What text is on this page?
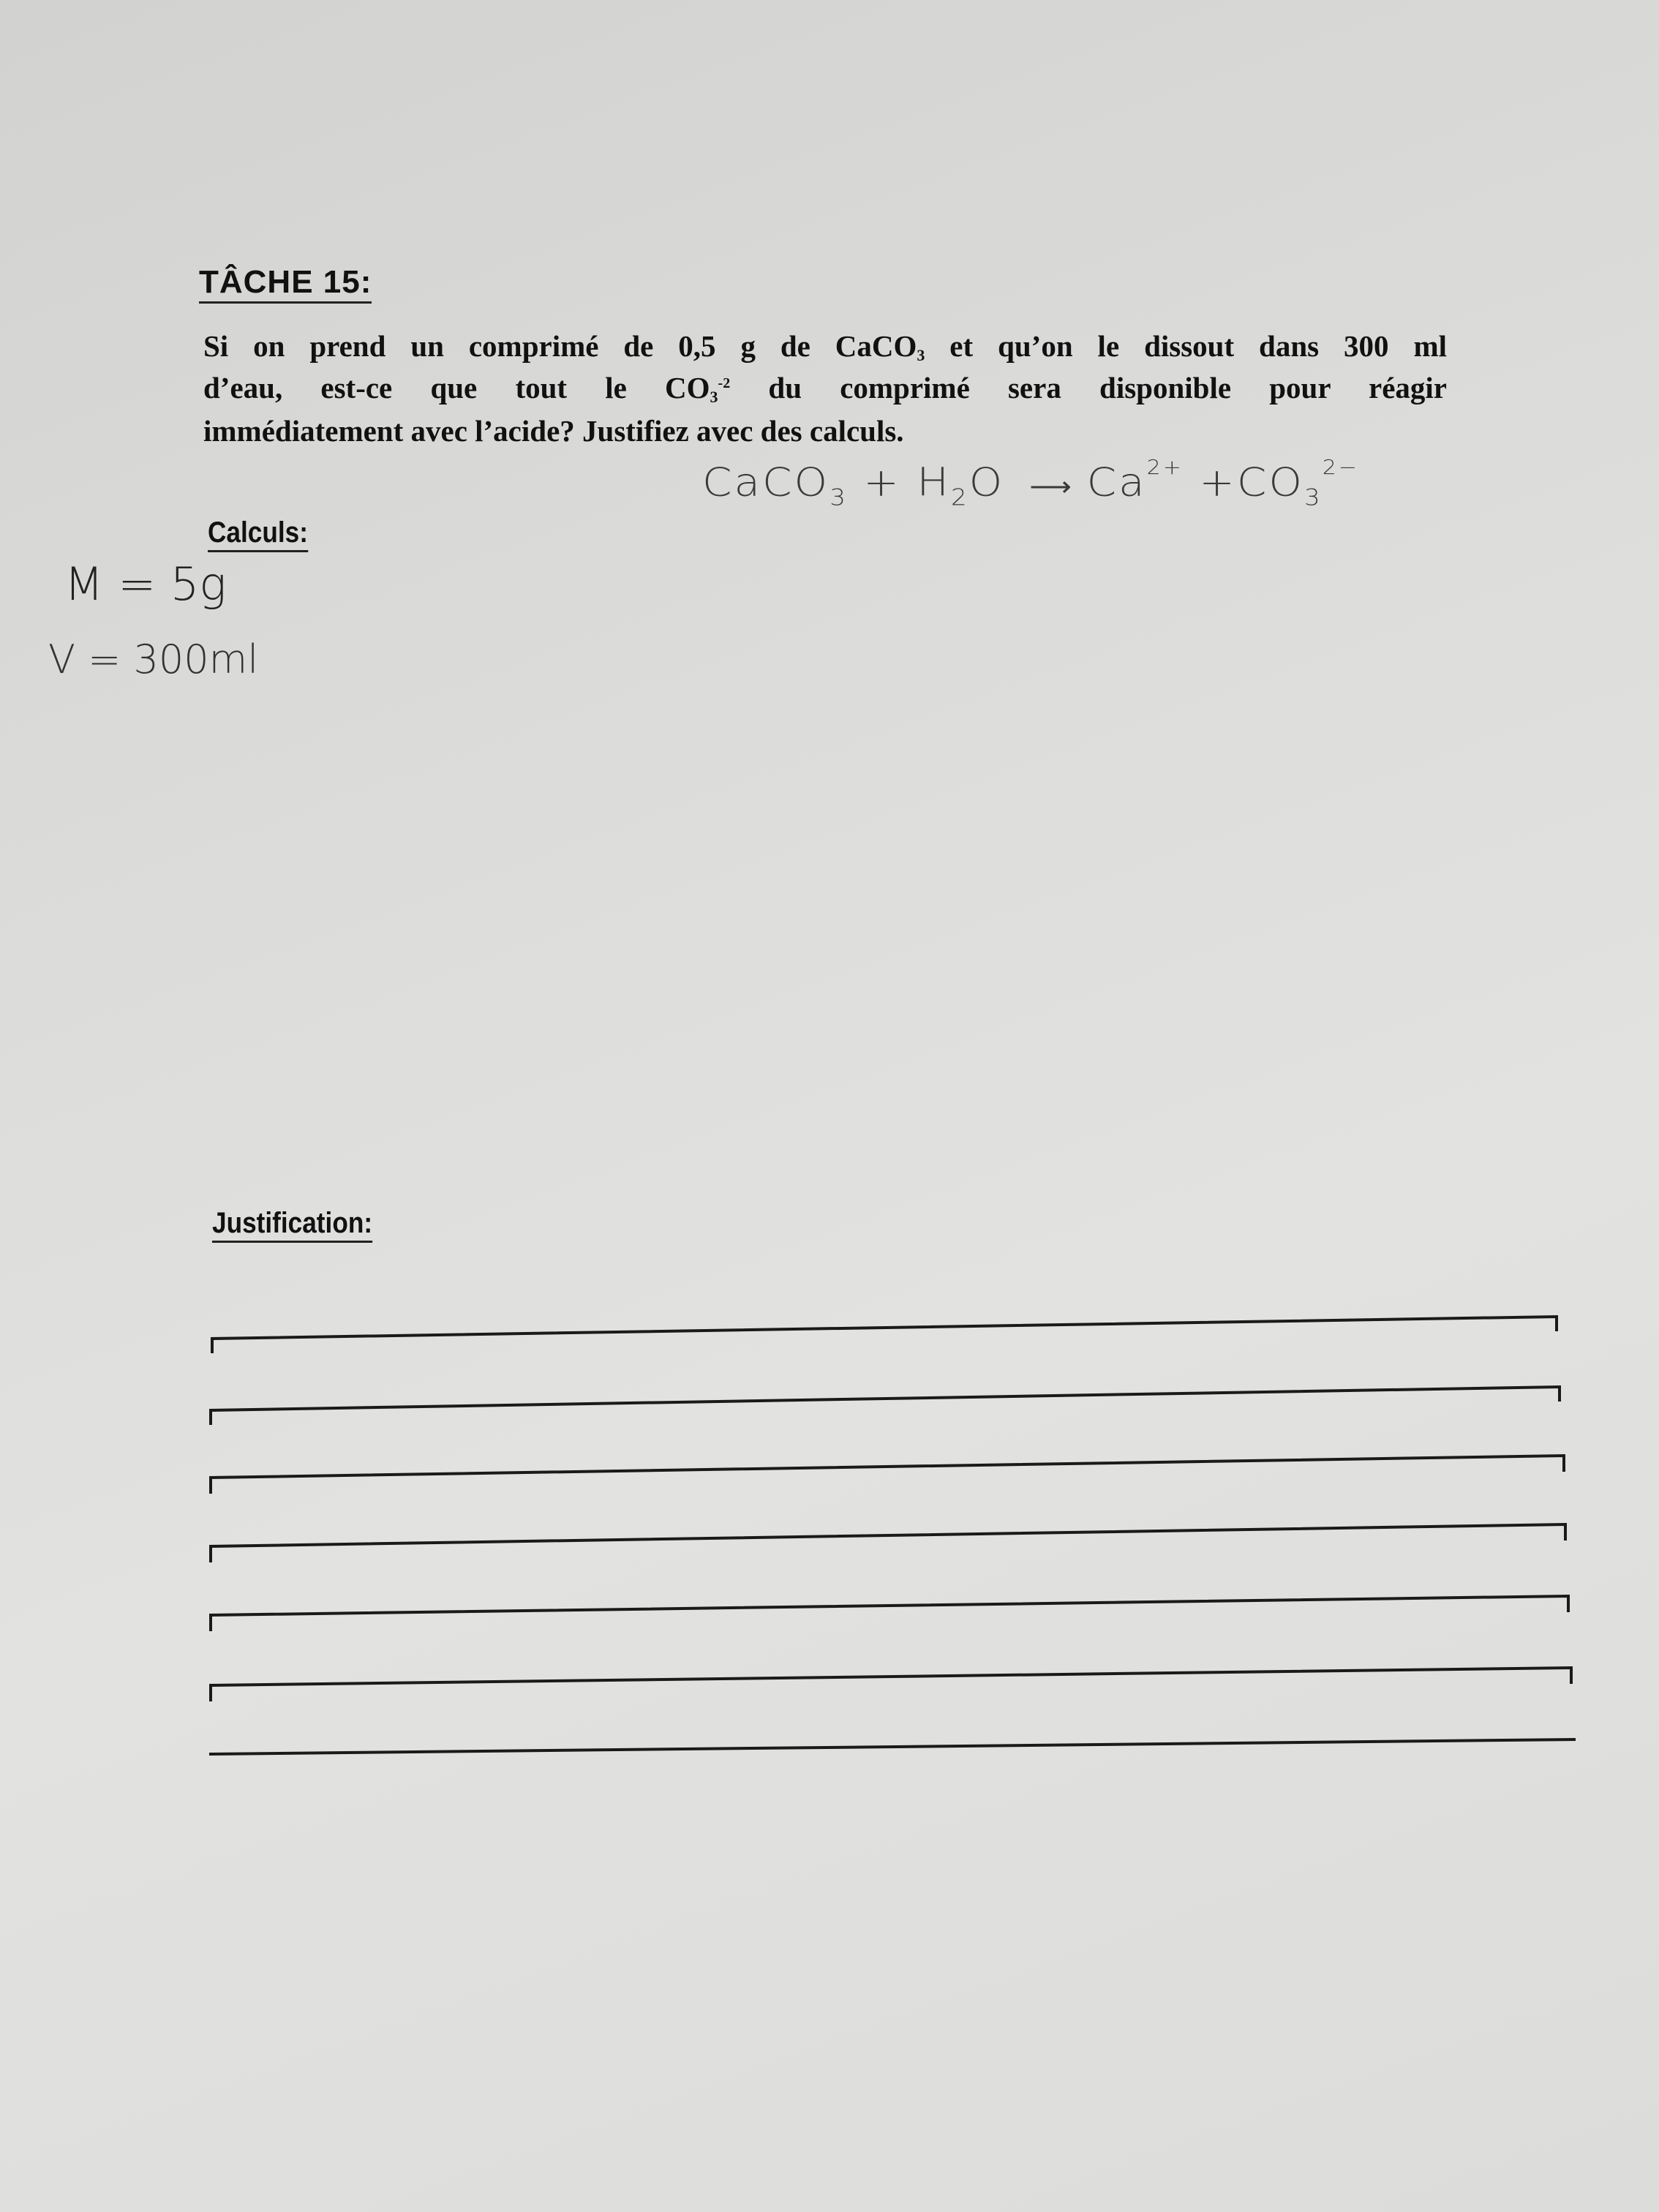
TÂCHE 15:
Si on prend un comprimé de 0,5 g de CaCO3 et qu’on le dissout dans 300 ml
d’eau, est-ce que tout le $CO3^{-2}$ du comprimé sera disponible pour réagir
immédiatement avec l’acide? Justifiez avec des calculs.
CaCO$_3$ + $H_2O$ ⟶ $Ca^{2+} +CO_3^{2-}$
Calculs:
M = 5g
V = 300ml
Justification:
